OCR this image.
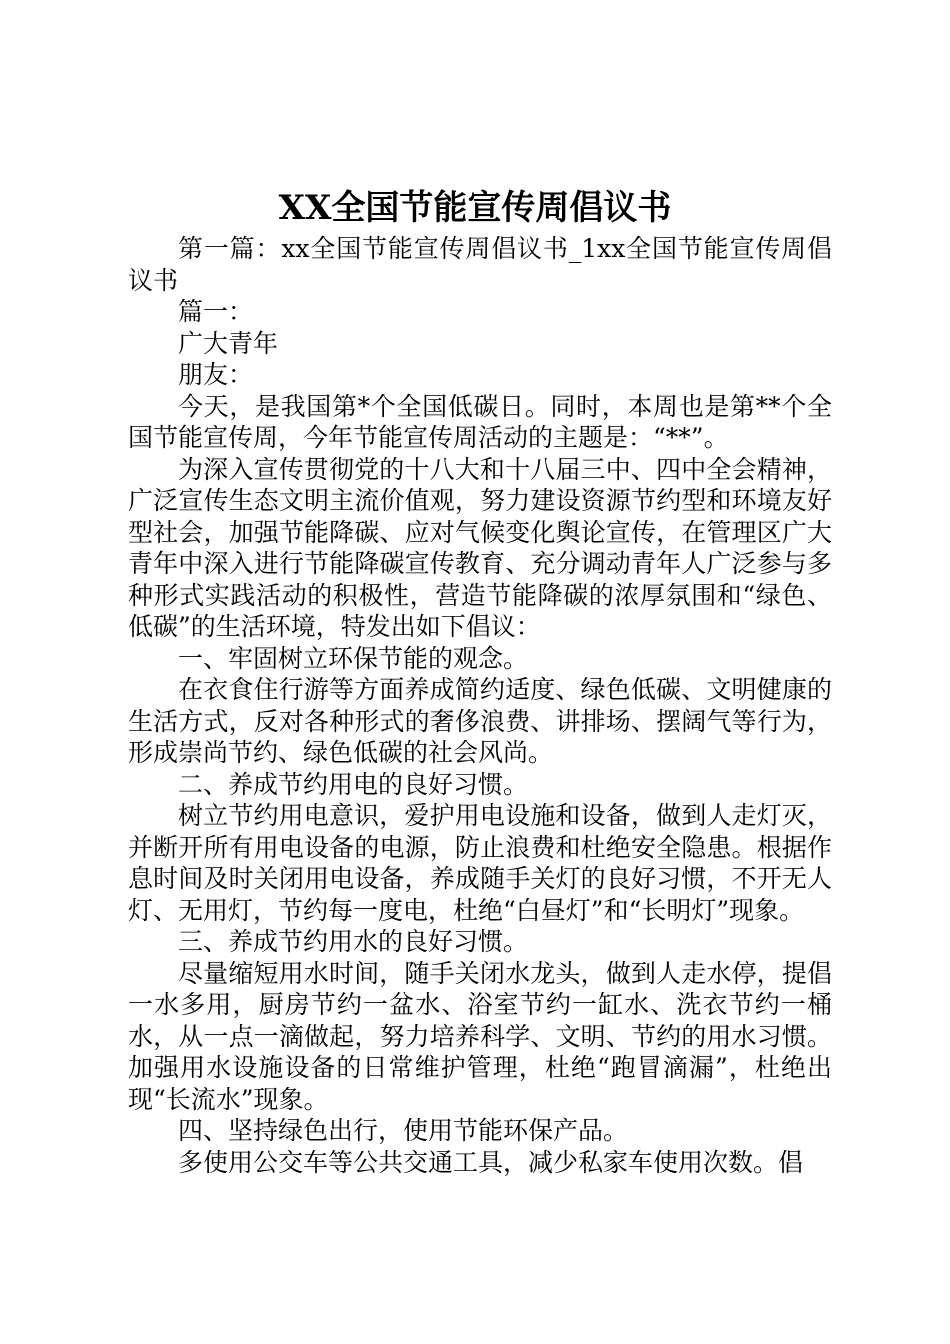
XX全国节能宣传周倡议书

第一篇：xx全国节能宣传周倡议书_1xx全国节能宣传周倡议书

篇一：

广大青年

朋友：

今天，是我国第*个全国低碳日。同时，本周也是第**个全国节能宣传周，今年节能宣传周活动的主题是：“**”。

为深入宣传贯彻党的十八大和十八届三中、四中全会精神，广泛宣传生态文明主流价值观，努力建设资源节约型和环境友好型社会，加强节能降碳、应对气候变化舆论宣传，在管理区广大青年中深入进行节能降碳宣传教育、充分调动青年人广泛参与多种形式实践活动的积极性，营造节能降碳的浓厚氛围和“绿色、低碳”的生活环境，特发出如下倡议：

一、牢固树立环保节能的观念。

在衣食住行游等方面养成简约适度、绿色低碳、文明健康的生活方式，反对各种形式的奢侈浪费、讲排场、摆阔气等行为，形成崇尚节约、绿色低碳的社会风尚。

二、养成节约用电的良好习惯。

树立节约用电意识，爱护用电设施和设备，做到人走灯灭，并断开所有用电设备的电源，防止浪费和杜绝安全隐患。根据作息时间及时关闭用电设备，养成随手关灯的良好习惯，不开无人灯、无用灯，节约每一度电，杜绝“白昼灯”和“长明灯”现象。

三、养成节约用水的良好习惯。

尽量缩短用水时间，随手关闭水龙头，做到人走水停，提倡一水多用，厨房节约一盆水、浴室节约一缸水、洗衣节约一桶水，从一点一滴做起，努力培养科学、文明、节约的用水习惯。加强用水设施设备的日常维护管理，杜绝“跑冒滴漏”，杜绝出现“长流水”现象。

四、坚持绿色出行，使用节能环保产品。

多使用公交车等公共交通工具，减少私家车使用次数。倡
